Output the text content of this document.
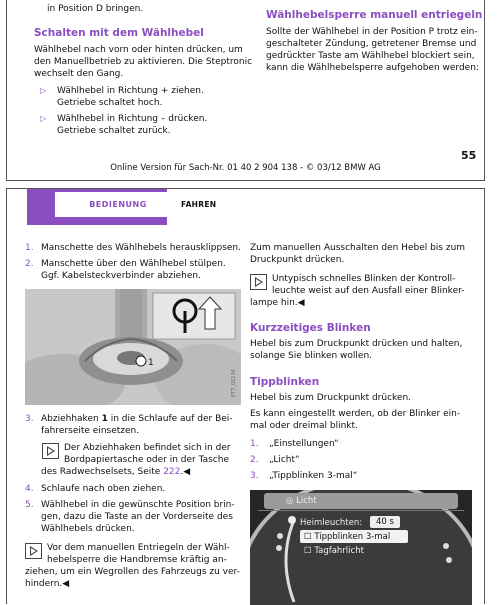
in Position D bringen.
Schalten mit dem Wählhebel
Wählhebel nach vorn oder hinten drücken, um
den Manuellbetrieb zu aktivieren. Die Steptronic
wechselt den Gang.
▷ Wählhebel in Richtung + ziehen.
Getriebe schaltet hoch.
▷ Wählhebel in Richtung – drücken.
Getriebe schaltet zurück.
Wählhebelsperre manuell entriegeln
Sollte der Wählhebel in der Position P trotz ein-
geschalteter Zündung, getretener Bremse und
gedrückter Taste am Wählhebel blockiert sein,
kann die Wählhebelsperre aufgehoben werden:
55
Online Version für Sach-Nr. 01 40 2 904 138 - © 03/12 BMW AG
BEDIENUNG	FAHREN
1. Manschette des Wählhebels herausklippsen.
2. Manschette über den Wählhebel stülpen.
Ggf. Kabelsteckverbinder abziehen.
1
ET7_01234
3. Abziehhaken 1 in die Schlaufe auf der Bei-
fahrerseite einsetzen.
Der Abziehhaken befindet sich in der
Bordpapiertasche oder in der Tasche
des Radwechselsets, Seite 222.◀
4. Schlaufe nach oben ziehen.
5. Wählhebel in die gewünschte Position brin-
gen, dazu die Taste an der Vorderseite des
Wählhebels drücken.
Vor dem manuellen Entriegeln der Wähl-
hebelsperre die Handbremse kräftig an-
ziehen, um ein Wegrollen des Fahrzeugs zu ver-
hindern.◀
Zum manuellen Ausschalten den Hebel bis zum
Druckpunkt drücken.
Untypisch schnelles Blinken der Kontroll-
leuchte weist auf den Ausfall einer Blinker-
lampe hin.◀
Kurzzeitiges Blinken
Hebel bis zum Druckpunkt drücken und halten,
solange Sie blinken wollen.
Tippblinken
Hebel bis zum Druckpunkt drücken.
Es kann eingestellt werden, ob der Blinker ein-
mal oder dreimal blinkt.
1. „Einstellungen“
2. „Licht“
3. „Tippblinken 3-mal“
◎ Licht
Heimleuchten:	40 s
☐ Tippblinken 3-mal
☐ Tagfahrlicht
